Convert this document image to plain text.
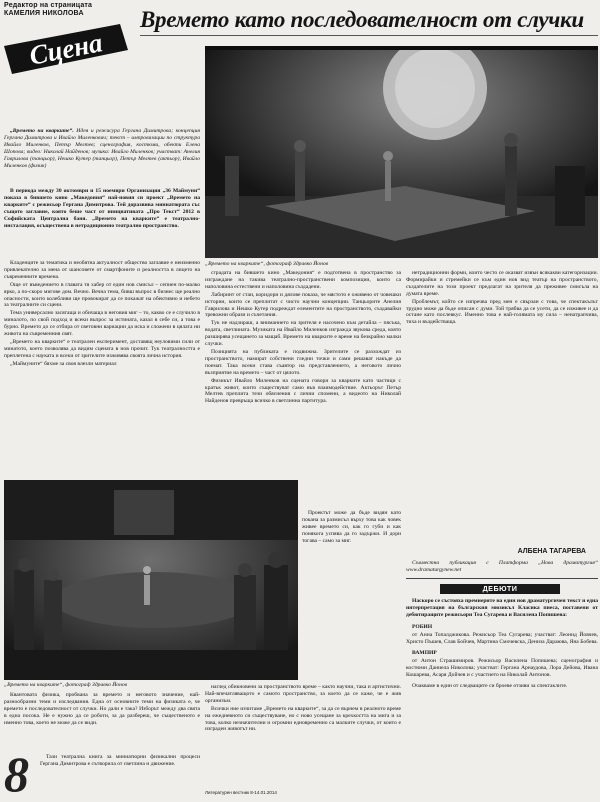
Редактор на страницата
КАМЕЛИЯ НИКОЛОВА
Сцена
Времето като последователност от случки
„Времето на кварките“, фотограф Здравко Йонов

„Времето на кварките“. Идея и режисура Гергана Димитрова; концепция Гергана Димитрова и Ивайло Миленкович; текст – импровизации по структура Ивайло Миленков, Петър Мелтев; сценография, костюми, обекти Елена Шопова; видео: Николай Найденов; музика: Ивайло Миленков; участват: Анелия Гаврилова (танцьор), Нешко Кутер (танцьор), Петър Мелтев (актьор), Ивайло Миленков (физик)

В периода между 30 октомври и 15 ноември Организация „36 Маймуни“ показа в бившето кино „Македония“ най-новия си проект „Времето на кварките“ с режисьор Гергана Димитрова. Тей доразвива миниатюрата със същото заглавие, която беше част от инициативата „Про Текст“ 2012 в Софийската Централна баня. „Времето на кварките“ е театрално-инсталация, осъществена в нетрадиционно театрално пространство.

Кладенците за тематика и необятна актуалност общество заглавие е неизменно привлекателно за мена от шансовете от смартфоните и реалността в лицето на съвременните времена.

Още от въведението в главата тя хабер от един нов смисъл – сепиен по-малко ярко, а по-скоро мигове дом. Вечно. Вечна тема, бивш въпрос в бизнес ще реално опасности, които колебливи ще провокират да се покажат на обективно и небето за театралните си сцени.

Тема универсално засягаща и обичаща в неговия миг – то, какво се е случило в миналото, по свой подход и всеки въпрос за истината, казал в себе си, а това е бурно. Времето до се отбира от световни вариации да иска и сложени в цялата ни живота на съвременния свят.

„Времето на кварките“ е театрален експеримент, доставящ неуловими сили от минатото, което позволява да видим сцената в нов прочит. Тук театралността е преплетена с науката и всеки от зрителите изживява своята лична история.

„Маймуните“ бяхме за своя влезли материал

сградата на бившето кино „Македония“ е подготвена в пространство за изграждане на такива театрално-пространствени композиции, които са наполовина естествени и наполовина създадени.

Лабиринт от стаи, коридори и дялове показа, че мястото е оживено от човешки истории, които се преплитат с чисто научни концепции. Танцьорите Анелия Гаврилова и Нешко Кутер подреждат елементите на пространството, създавайки тревожни образи и съчетания.

Тук не надзираш, а вниманието на зрителя е насочено към детайла – пясъка, водата, светлината. Музиката на Ивайло Миленков изгражда звукова среда, която разширява усещането за мащаб. Времето на кварките е време на безкрайно малки случки.

Позицията на публиката е подвижна. Зрителите се разхождат из пространството, намират собствени гледни точки и сами решават накъде да поемат. Така всеки става съавтор на представлението, а неговото лично възприятие на времето – част от цялото.

Физикът Ивайло Миленков на сцената говори за кварките като частици с кратък живот, които съществуват само във взаимодействие. Актьорът Петър Мелтев преплита тези обяснения с лични спомени, а видеото на Николай Найденов превръща всичко в светлинна партитура.

Проектът може да бъде видян като покана за размисъл върху това как човек живее времето си, как го губи и как понякога успява да го задържи. И дори тогава – само за миг.

нетрадиционни форми, които често се оказват извън всякакви категоризации. Формирайки и стремейки се към един нов вид театър на пространството, създателите на този проект предлагат на зрителя да преживее смисъла на думата време.

Проблемът, който се изпречва пред мен е свързан с това, че спектакълът трудно може да бъде описан с думи. Той трябва да се усети, да се изживее и да остане като послевкус. Именно това е най-голямата му сила – ненатрапчива, тиха и въздействаща.

АЛБЕНА ТАГАРЕВА

Съвместна публикация с Платформа „Нова драматургия“ www.dramaturgynew.net

ДЕБЮТИ

Наскоро се състояха премиерите на един нов драматургичен текст и една интерпретация на българския мюзикъл Класика пиеса, поставени от дебютиращите режисьори Теа Сугарева и Василена Попишева:

РОБИН

от Анна Топалджикова. Режисьор Теа Сугарева; участват: Леонид Йовчев, Христо Пъшев, Слав Бойчев, Мартина Смочевска, Дениза Дараюва, Яна Бобева.

ВАМПИР

от Антон Страшимиров. Режисьор Василена Попишева; сценография и костюми Даниела Николова; участват: Гергана Арнаудова, Лора Дейова, Ивана Кошарева, Асаря Дойчев и с участието на Николай Антонов.

Очакваме в един от следващите си броеве отзиви за спектаклите.

„Времето на кварките“, фотограф Здравко Йонов

Квантовата физика, пробвана за времето и неговото значение, най-разнообразни теми и изследвания. Една от основните теми на физиката е, че времето е последователност от случки. Но дали е така? Изборът между два свята в една посока. Не е нужно да се роботи, за да разбереш, че същественото е именно това, което не може да се види.

Тази театрална книга за миниатюрни физикални процеси Гергана Димитрова е сътворила от светлина и движение.

наглед обикновени за пространството време – както научни, така и артистични. Най-впечатляващото е самото пространство, за което да се каже, че е жив организъм.

Всички ние изчитаме „Времето на кварките“, за да се върнем в реалното време на ежедневното си съществуване, но с ново усещане за крехкостта на мига и за това, колко незначителни и огромни едновременно са малките случки, от които е изграден животът ни.

8	Литературен вестник 8-14.01.2014
